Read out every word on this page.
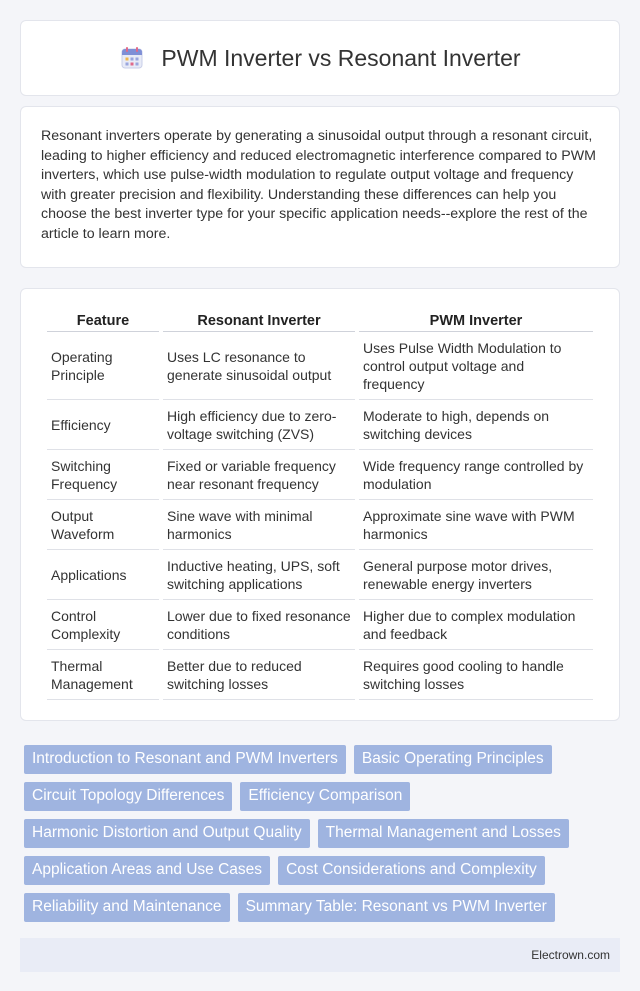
PWM Inverter vs Resonant Inverter

Resonant inverters operate by generating a sinusoidal output through a resonant circuit, leading to higher efficiency and reduced electromagnetic interference compared to PWM inverters, which use pulse-width modulation to regulate output voltage and frequency with greater precision and flexibility. Understanding these differences can help you choose the best inverter type for your specific application needs--explore the rest of the article to learn more.

Feature	Resonant Inverter	PWM Inverter
Operating Principle	Uses LC resonance to generate sinusoidal output	Uses Pulse Width Modulation to control output voltage and frequency
Efficiency	High efficiency due to zero-voltage switching (ZVS)	Moderate to high, depends on switching devices
Switching Frequency	Fixed or variable frequency near resonant frequency	Wide frequency range controlled by modulation
Output Waveform	Sine wave with minimal harmonics	Approximate sine wave with PWM harmonics
Applications	Inductive heating, UPS, soft switching applications	General purpose motor drives, renewable energy inverters
Control Complexity	Lower due to fixed resonance conditions	Higher due to complex modulation and feedback
Thermal Management	Better due to reduced switching losses	Requires good cooling to handle switching losses
Introduction to Resonant and PWM Inverters	Basic Operating Principles
Circuit Topology Differences	Efficiency Comparison
Harmonic Distortion and Output Quality	Thermal Management and Losses
Application Areas and Use Cases	Cost Considerations and Complexity
Reliability and Maintenance	Summary Table: Resonant vs PWM Inverter
Electrown.com
